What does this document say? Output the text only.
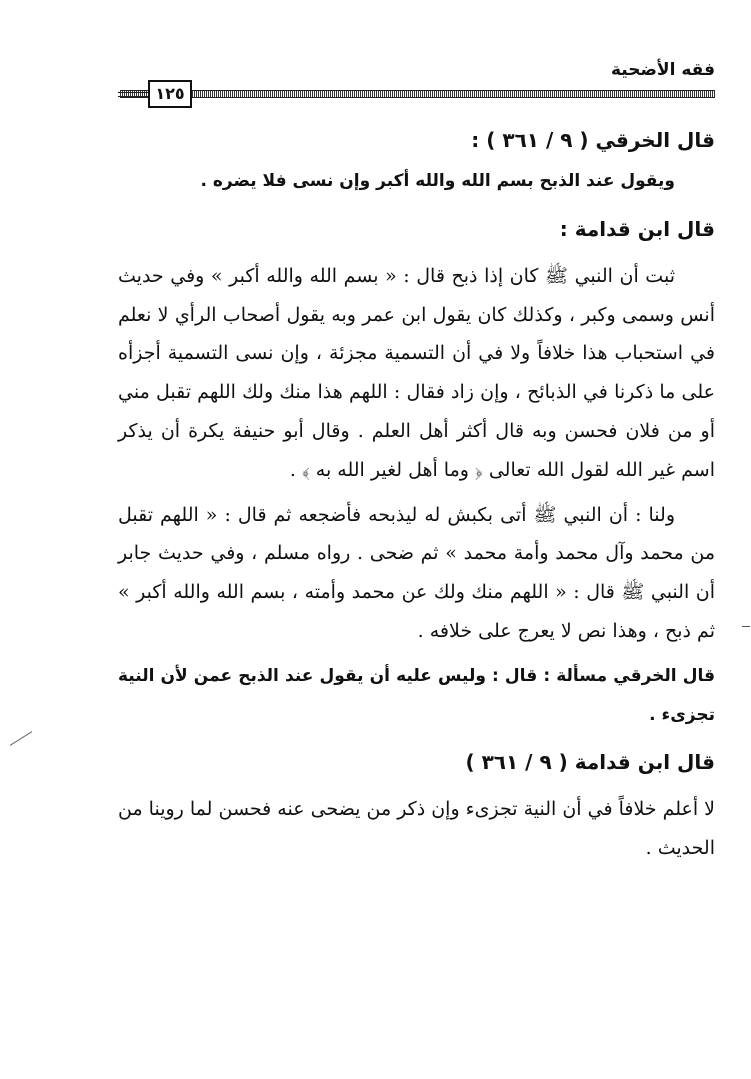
فقه الأضحية
١٢٥
قال الخرقي ( ٩ / ٣٦١ ) :

ويقول عند الذبح بسم الله والله أكبر وإن نسى فلا يضره .

قال ابن قدامة :

ثبت أن النبي ﷺ كان إذا ذبح قال : « بسم الله والله أكبر » وفي حديث أنس وسمى وكبر ، وكذلك كان يقول ابن عمر وبه يقول أصحاب الرأي لا نعلم في استحباب هذا خلافاً ولا في أن التسمية مجزئة ، وإن نسى التسمية أجزأه على ما ذكرنا في الذبائح ، وإن زاد فقال : اللهم هذا منك ولك اللهم تقبل مني أو من فلان فحسن وبه قال أكثر أهل العلم . وقال أبو حنيفة يكرة أن يذكر اسم غير الله لقول الله تعالى ﴿ وما أهل لغير الله به ﴾ .

ولنا : أن النبي ﷺ أتى بكبش له ليذبحه فأضجعه ثم قال : « اللهم تقبل من محمد وآل محمد وأمة محمد » ثم ضحى . رواه مسلم ، وفي حديث جابر أن النبي ﷺ قال : « اللهم منك ولك عن محمد وأمته ، بسم الله والله أكبر » ثم ذبح ، وهذا نص لا يعرج على خلافه .

قال الخرقي مسألة : قال : وليس عليه أن يقول عند الذبح عمن لأن النية تجزىء .

قال ابن قدامة ( ٩ / ٣٦١ )

لا أعلم خلافاً في أن النية تجزىء وإن ذكر من يضحى عنه فحسن لما روينا من الحديث .
